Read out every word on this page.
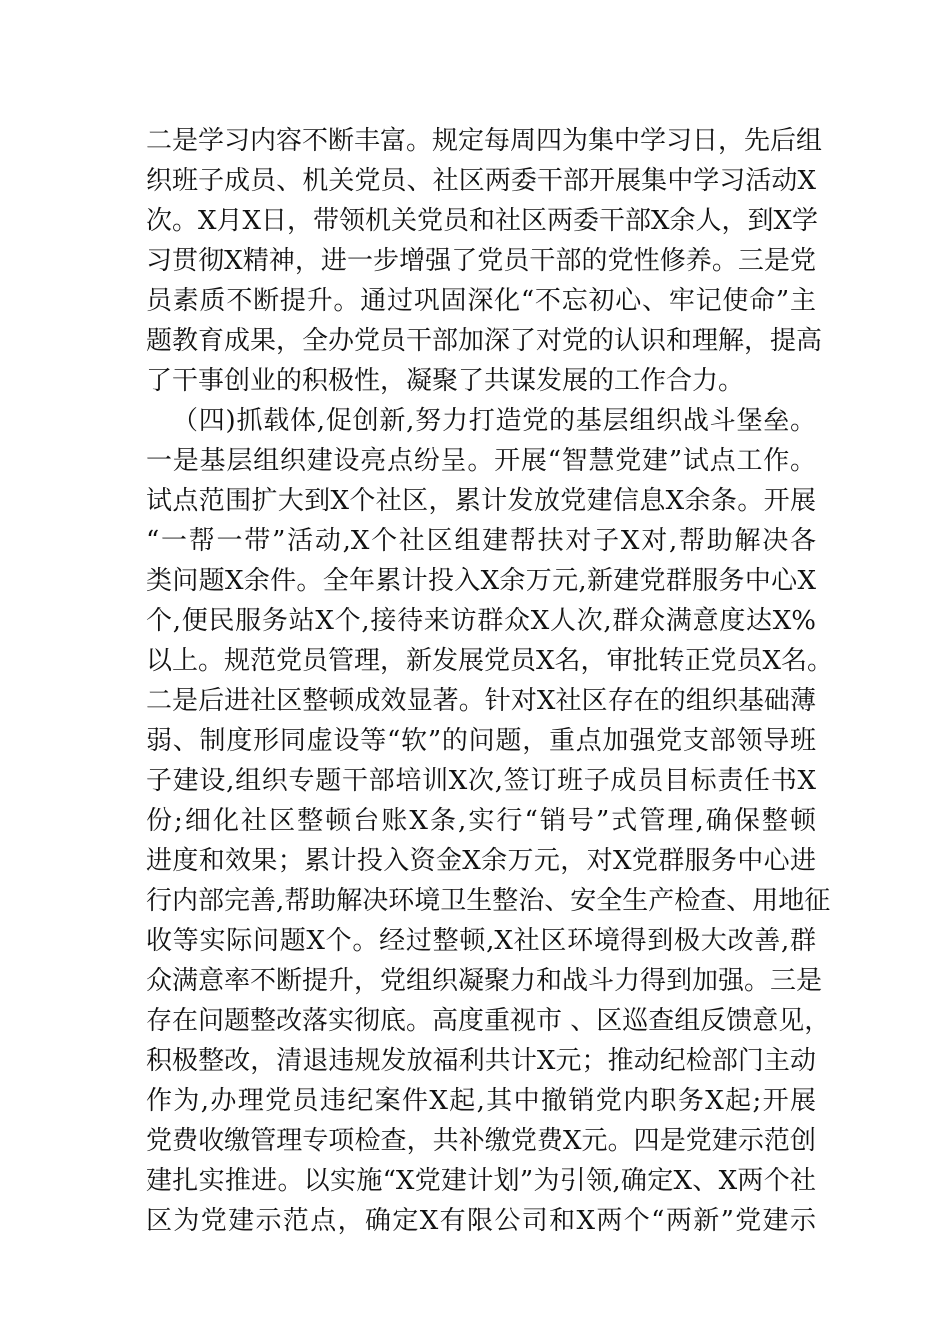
二是学习内容不断丰富。规定每周四为集中学习日，先后组
织班子成员、机关党员、社区两委干部开展集中学习活动X
次。X月X日，带领机关党员和社区两委干部X余人，到X学
习贯彻X精神，进一步增强了党员干部的党性修养。三是党
员素质不断提升。通过巩固深化“不忘初心、牢记使命”主
题教育成果，全办党员干部加深了对党的认识和理解，提高
了干事创业的积极性，凝聚了共谋发展的工作合力。
（四)抓载体,促创新,努力打造党的基层组织战斗堡垒。
一是基层组织建设亮点纷呈。开展“智慧党建”试点工作。
试点范围扩大到X个社区，累计发放党建信息X余条。开展
“一帮一带”活动,X个社区组建帮扶对子X对,帮助解决各
类问题X余件。全年累计投入X余万元,新建党群服务中心X
个,便民服务站X个,接待来访群众X人次,群众满意度达X%
以上。规范党员管理，新发展党员X名，审批转正党员X名。
二是后进社区整顿成效显著。针对X社区存在的组织基础薄
弱、制度形同虚设等“软”的问题，重点加强党支部领导班
子建设,组织专题干部培训X次,签订班子成员目标责任书X
份;细化社区整顿台账X条,实行“销号”式管理,确保整顿
进度和效果；累计投入资金X余万元，对X党群服务中心进
行内部完善,帮助解决环境卫生整治、安全生产检查、用地征
收等实际问题X个。经过整顿,X社区环境得到极大改善,群
众满意率不断提升，党组织凝聚力和战斗力得到加强。三是
存在问题整改落实彻底。高度重视市 、区巡查组反馈意见，
积极整改，清退违规发放福利共计X元；推动纪检部门主动
作为,办理党员违纪案件X起,其中撤销党内职务X起;开展
党费收缴管理专项检查，共补缴党费X元。四是党建示范创
建扎实推进。以实施“X党建计划”为引领,确定X、X两个社
区为党建示范点，确定X有限公司和X两个“两新”党建示
